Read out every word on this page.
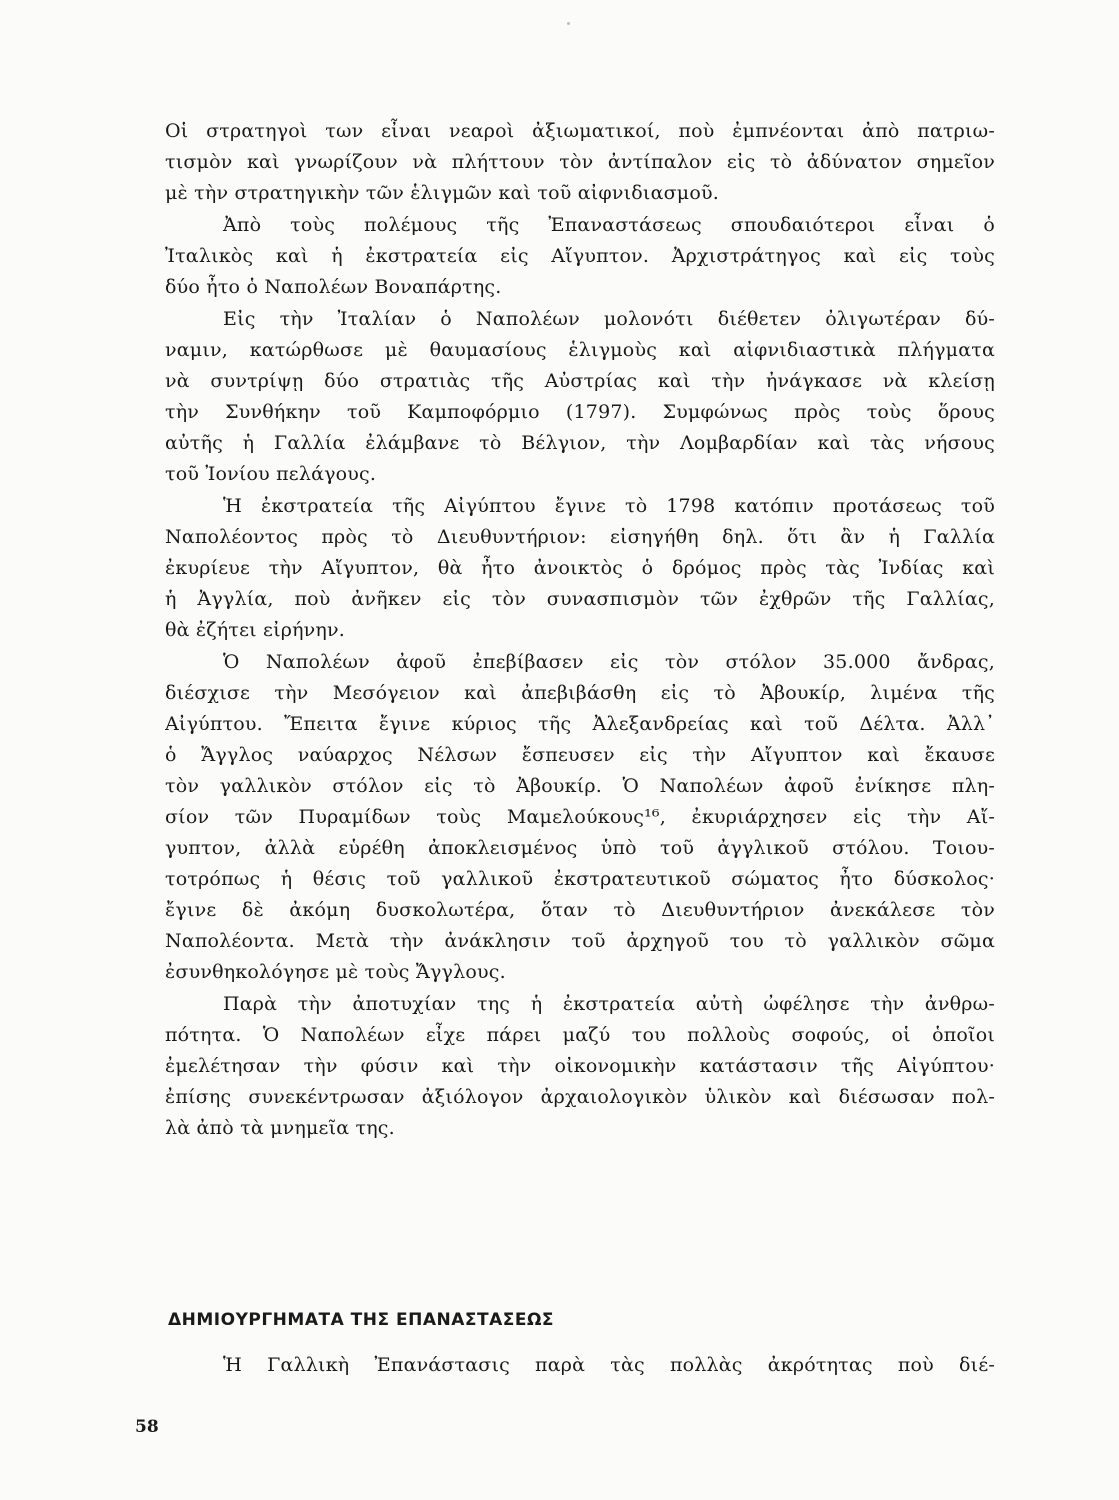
Οἱ στρατηγοὶ των εἶναι νεαροὶ ἀξιωματικοί, ποὺ ἐμπνέονται ἀπὸ πατριω-
τισμὸν καὶ γνωρίζουν νὰ πλήττουν τὸν ἀντίπαλον εἰς τὸ ἀδύνατον σημεῖον
μὲ τὴν στρατηγικὴν τῶν ἑλιγμῶν καὶ τοῦ αἰφνιδιασμοῦ.
Ἀπὸ τοὺς πολέμους τῆς Ἐπαναστάσεως σπουδαιότεροι εἶναι ὁ
Ἰταλικὸς καὶ ἡ ἐκστρατεία εἰς Αἴγυπτον. Ἀρχιστράτηγος καὶ εἰς τοὺς
δύο ἦτο ὁ Ναπολέων Βοναπάρτης.
Εἰς τὴν Ἰταλίαν ὁ Ναπολέων μολονότι διέθετεν ὀλιγωτέραν δύ-
ναμιν, κατώρθωσε μὲ θαυμασίους ἑλιγμοὺς καὶ αἰφνιδιαστικὰ πλήγματα
νὰ συντρίψῃ δύο στρατιὰς τῆς Αὐστρίας καὶ τὴν ἠνάγκασε νὰ κλείσῃ
τὴν Συνθήκην τοῦ Καμποφόρμιο (1797). Συμφώνως πρὸς τοὺς ὅρους
αὐτῆς ἡ Γαλλία ἐλάμβανε τὸ Βέλγιον, τὴν Λομβαρδίαν καὶ τὰς νήσους
τοῦ Ἰονίου πελάγους.
Ἡ ἐκστρατεία τῆς Αἰγύπτου ἔγινε τὸ 1798 κατόπιν προτάσεως τοῦ
Ναπολέοντος πρὸς τὸ Διευθυντήριον: εἰσηγήθη δηλ. ὅτι ἂν ἡ Γαλλία
ἐκυρίευε τὴν Αἴγυπτον, θὰ ἦτο ἀνοικτὸς ὁ δρόμος πρὸς τὰς Ἰνδίας καὶ
ἡ Ἀγγλία, ποὺ ἀνῆκεν εἰς τὸν συνασπισμὸν τῶν ἐχθρῶν τῆς Γαλλίας,
θὰ ἐζήτει εἰρήνην.
Ὁ Ναπολέων ἀφοῦ ἐπεβίβασεν εἰς τὸν στόλον 35.000 ἄνδρας,
διέσχισε τὴν Μεσόγειον καὶ ἀπεβιβάσθη εἰς τὸ Ἀβουκίρ, λιμένα τῆς
Αἰγύπτου. Ἔπειτα ἔγινε κύριος τῆς Ἀλεξανδρείας καὶ τοῦ Δέλτα. Ἀλλ᾽
ὁ Ἄγγλος ναύαρχος Νέλσων ἔσπευσεν εἰς τὴν Αἴγυπτον καὶ ἔκαυσε
τὸν γαλλικὸν στόλον εἰς τὸ Ἀβουκίρ. Ὁ Ναπολέων ἀφοῦ ἐνίκησε πλη-
σίον τῶν Πυραμίδων τοὺς Μαμελούκους¹⁶, ἐκυριάρχησεν εἰς τὴν Αἴ-
γυπτον, ἀλλὰ εὑρέθη ἀποκλεισμένος ὑπὸ τοῦ ἀγγλικοῦ στόλου. Τοιου-
τοτρόπως ἡ θέσις τοῦ γαλλικοῦ ἐκστρατευτικοῦ σώματος ἦτο δύσκολος·
ἔγινε δὲ ἀκόμη δυσκολωτέρα, ὅταν τὸ Διευθυντήριον ἀνεκάλεσε τὸν
Ναπολέοντα. Μετὰ τὴν ἀνάκλησιν τοῦ ἀρχηγοῦ του τὸ γαλλικὸν σῶμα
ἐσυνθηκολόγησε μὲ τοὺς Ἄγγλους.
Παρὰ τὴν ἀποτυχίαν της ἡ ἐκστρατεία αὐτὴ ὠφέλησε τὴν ἀνθρω-
πότητα. Ὁ Ναπολέων εἶχε πάρει μαζύ του πολλοὺς σοφούς, οἱ ὁποῖοι
ἐμελέτησαν τὴν φύσιν καὶ τὴν οἰκονομικὴν κατάστασιν τῆς Αἰγύπτου·
ἐπίσης συνεκέντρωσαν ἀξιόλογον ἀρχαιολογικὸν ὑλικὸν καὶ διέσωσαν πολ-
λὰ ἀπὸ τὰ μνημεῖα της.
ΔΗΜΙΟΥΡΓΗΜΑΤΑ ΤΗΣ ΕΠΑΝΑΣΤΑΣΕΩΣ
Ἡ Γαλλικὴ Ἐπανάστασις παρὰ τὰς πολλὰς ἀκρότητας ποὺ διέ-
58
